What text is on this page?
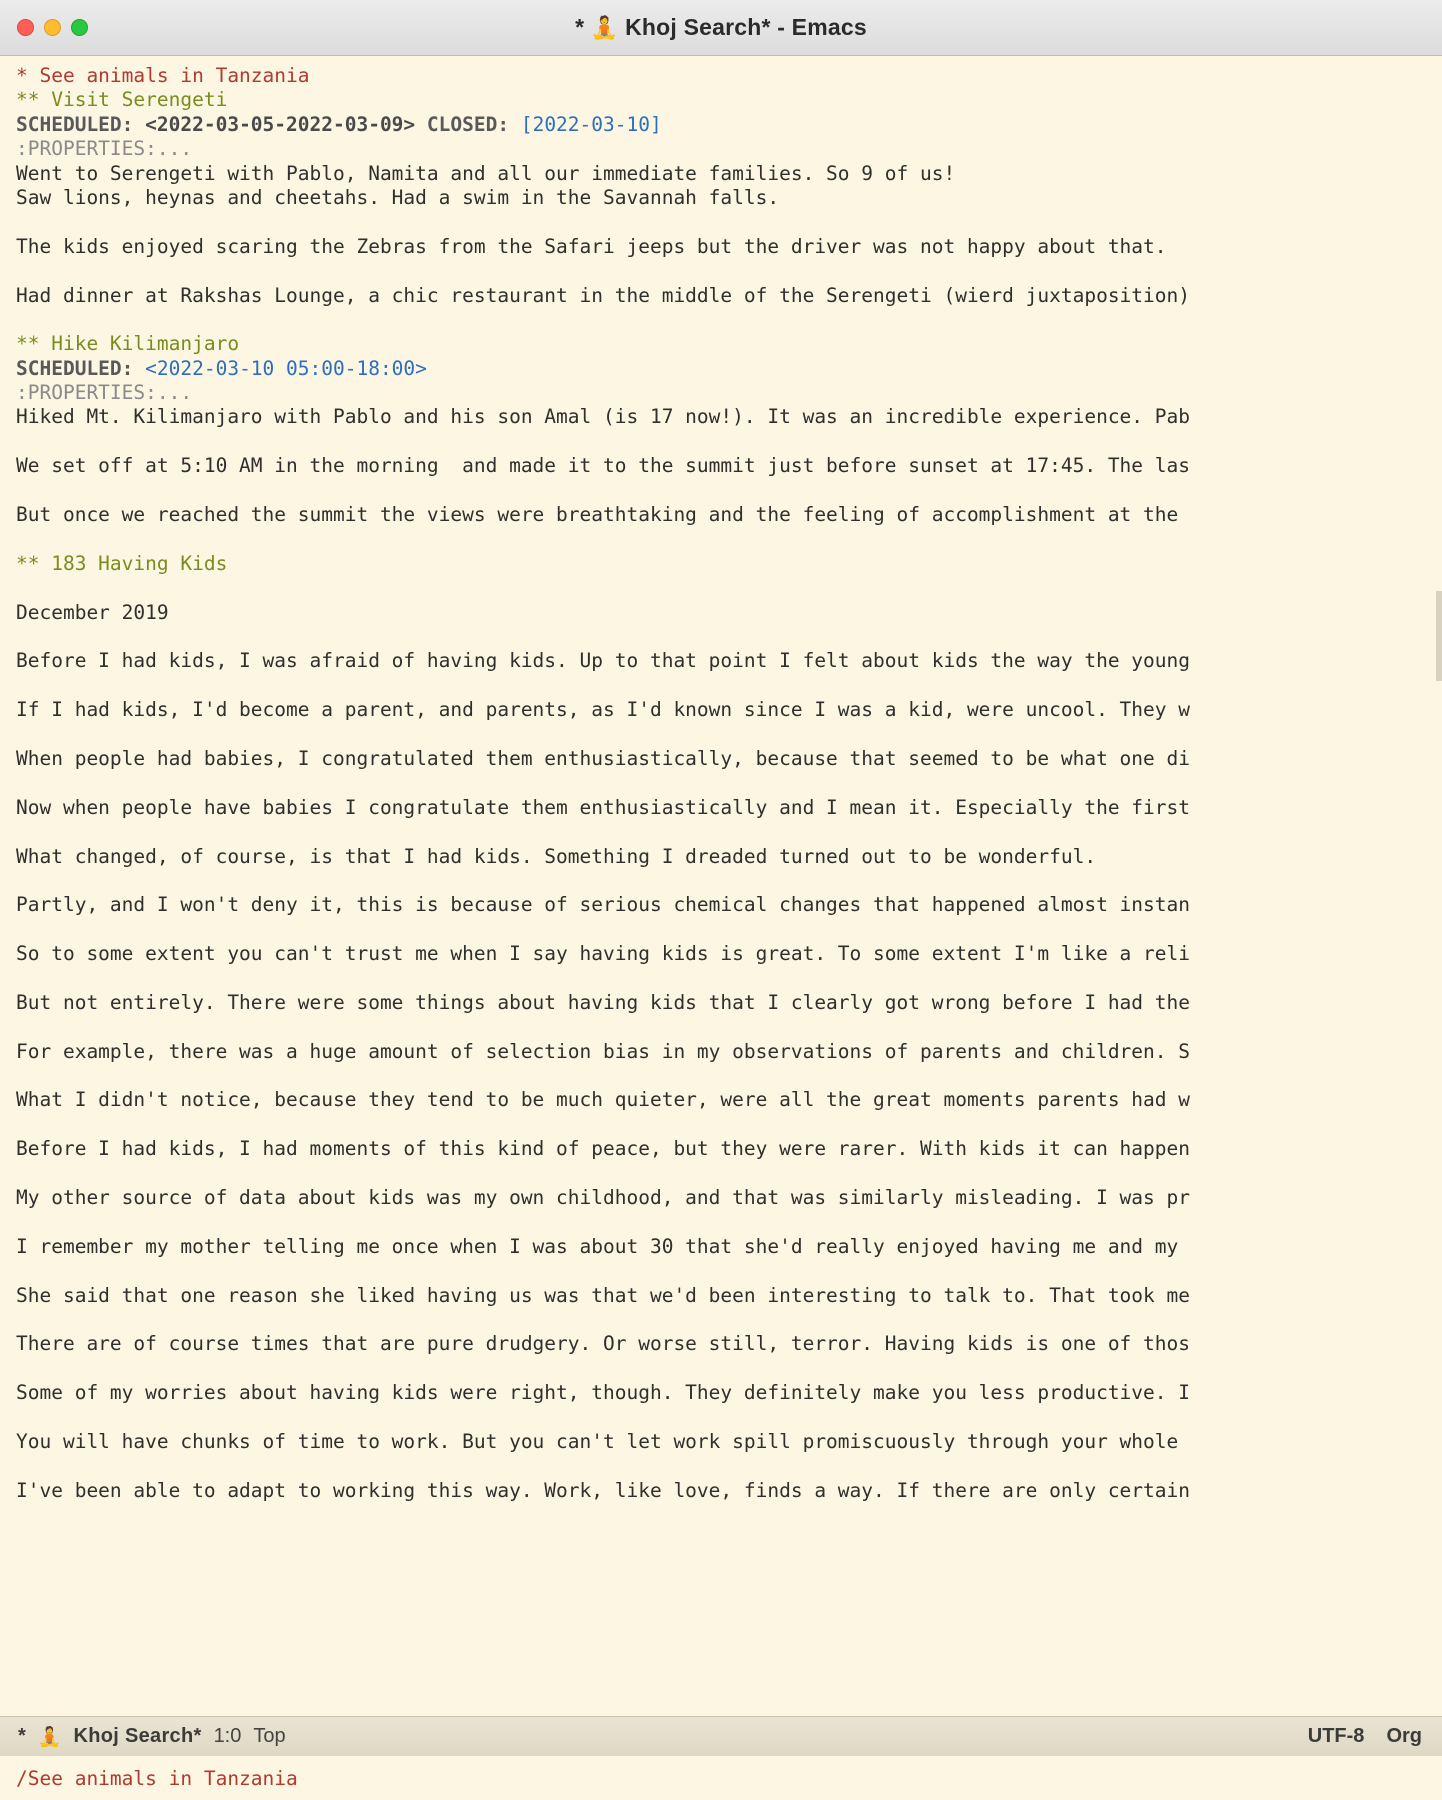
* 🧘 Khoj Search* - Emacs
* See animals in Tanzania
** Visit Serengeti
SCHEDULED: <2022-03-05-2022-03-09> CLOSED: [2022-03-10]
:PROPERTIES:...
Went to Serengeti with Pablo, Namita and all our immediate families. So 9 of us!
Saw lions, heynas and cheetahs. Had a swim in the Savannah falls.
The kids enjoyed scaring the Zebras from the Safari jeeps but the driver was not happy about that.
Had dinner at Rakshas Lounge, a chic restaurant in the middle of the Serengeti (wierd juxtaposition)
** Hike Kilimanjaro
SCHEDULED: <2022-03-10 05:00-18:00>
:PROPERTIES:...
Hiked Mt. Kilimanjaro with Pablo and his son Amal (is 17 now!). It was an incredible experience. Pab
We set off at 5:10 AM in the morning  and made it to the summit just before sunset at 17:45. The las
But once we reached the summit the views were breathtaking and the feeling of accomplishment at the
** 183 Having Kids
December 2019
Before I had kids, I was afraid of having kids. Up to that point I felt about kids the way the young
If I had kids, I'd become a parent, and parents, as I'd known since I was a kid, were uncool. They w
When people had babies, I congratulated them enthusiastically, because that seemed to be what one di
Now when people have babies I congratulate them enthusiastically and I mean it. Especially the first
What changed, of course, is that I had kids. Something I dreaded turned out to be wonderful.
Partly, and I won't deny it, this is because of serious chemical changes that happened almost instan
So to some extent you can't trust me when I say having kids is great. To some extent I'm like a reli
But not entirely. There were some things about having kids that I clearly got wrong before I had the
For example, there was a huge amount of selection bias in my observations of parents and children. S
What I didn't notice, because they tend to be much quieter, were all the great moments parents had w
Before I had kids, I had moments of this kind of peace, but they were rarer. With kids it can happen
My other source of data about kids was my own childhood, and that was similarly misleading. I was pr
I remember my mother telling me once when I was about 30 that she'd really enjoyed having me and my
She said that one reason she liked having us was that we'd been interesting to talk to. That took me
There are of course times that are pure drudgery. Or worse still, terror. Having kids is one of thos
Some of my worries about having kids were right, though. They definitely make you less productive. I
You will have chunks of time to work. But you can't let work spill promiscuously through your whole
I've been able to adapt to working this way. Work, like love, finds a way. If there are only certain
* 🧘 Khoj Search* 1:0 Top	UTF-8 Org
/See animals in Tanzania
